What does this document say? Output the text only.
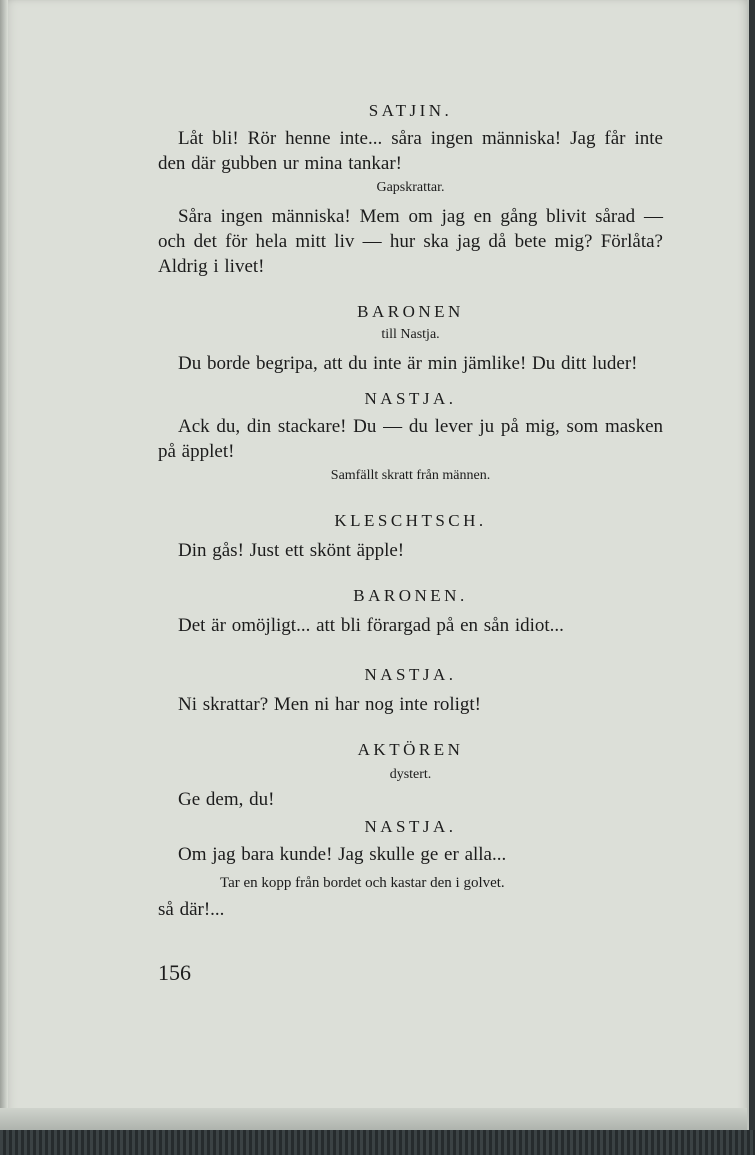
SATJIN.

Låt bli! Rör henne inte... såra ingen människa! Jag får inte den där gubben ur mina tankar!

Gapskrattar.

Såra ingen människa! Mem om jag en gång blivit sårad — och det för hela mitt liv — hur ska jag då bete mig? Förlåta? Aldrig i livet!

BARONEN

till Nastja.

Du borde begripa, att du inte är min jämlike! Du ditt luder!

NASTJA.

Ack du, din stackare! Du — du lever ju på mig, som masken på äpplet!

Samfällt skratt från männen.

KLESCHTSCH.

Din gås! Just ett skönt äpple!

BARONEN.

Det är omöjligt... att bli förargad på en sån idiot...

NASTJA.

Ni skrattar? Men ni har nog inte roligt!

AKTÖREN

dystert.

Ge dem, du!

NASTJA.

Om jag bara kunde! Jag skulle ge er alla...

Tar en kopp från bordet och kastar den i golvet.

så där!...

156
